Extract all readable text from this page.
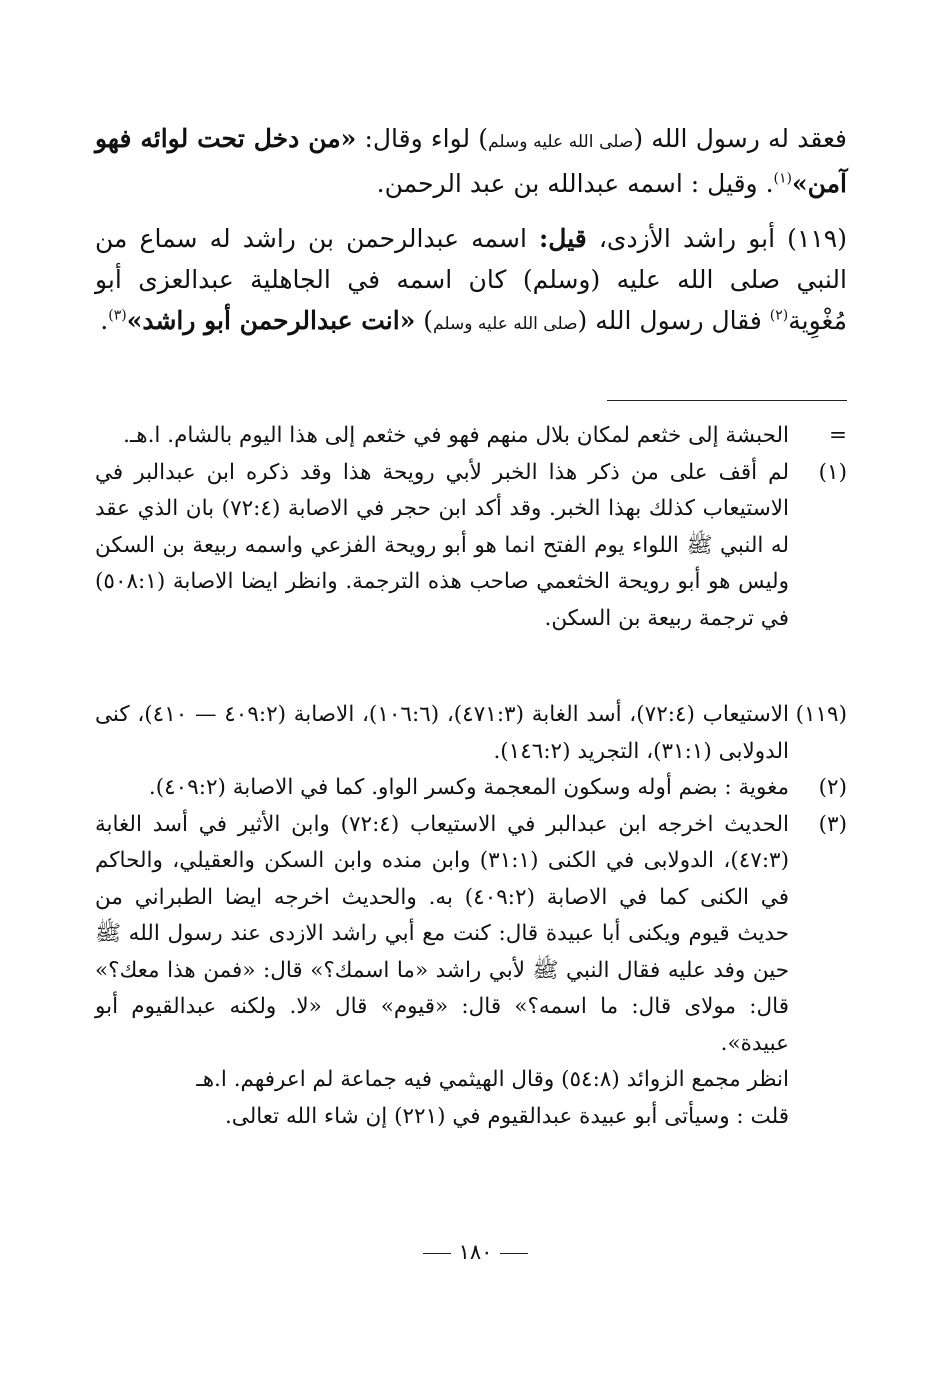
فعقد له رسول الله (صلى الله عليه وسلم) لواء وقال: «من دخل تحت لوائه فهو آمن»$^{(١)}$. وقيل : اسمه عبدالله بن عبد الرحمن.

(١١٩) أبو راشد الأزدى، قيل: اسمه عبدالرحمن بن راشد له سماع من النبي صلى الله عليه (وسلم) كان اسمه في الجاهلية عبدالعزى أبو مُغْوِية$^{(٢)}$ فقال رسول الله (صلى الله عليه وسلم) «انت عبدالرحمن أبو راشد»$^{(٣)}$.

=
الحبشة إلى خثعم لمكان بلال منهم فهو في خثعم إلى هذا اليوم بالشام. ا.هـ.
(١)
لم أقف على من ذكر هذا الخبر لأبي رويحة هذا وقد ذكره ابن عبدالبر في الاستيعاب كذلك بهذا الخبر. وقد أكد ابن حجر في الاصابة (٧٢:٤) بان الذي عقد له النبي ﷺ اللواء يوم الفتح انما هو أبو رويحة الفزعي واسمه ربيعة بن السكن وليس هو أبو رويحة الخثعمي صاحب هذه الترجمة. وانظر ايضا الاصابة (٥٠٨:١) في ترجمة ربيعة بن السكن.
(١١٩)
الاستيعاب (٧٢:٤)، أسد الغابة (٤٧١:٣)، (١٠٦:٦)، الاصابة (٤٠٩:٢ — ٤١٠)، كنى الدولابى (٣١:١)، التجريد (١٤٦:٢).
(٢)
مغوية : بضم أوله وسكون المعجمة وكسر الواو. كما في الاصابة (٤٠٩:٢).
(٣)
الحديث اخرجه ابن عبدالبر في الاستيعاب (٧٢:٤) وابن الأثير في أسد الغابة (٤٧:٣)، الدولابى في الكنى (٣١:١) وابن منده وابن السكن والعقيلي، والحاكم في الكنى كما في الاصابة (٤٠٩:٢) به. والحديث اخرجه ايضا الطبراني من حديث قيوم ويكنى أبا عبيدة قال: كنت مع أبي راشد الازدى عند رسول الله ﷺ حين وفد عليه فقال النبي ﷺ لأبي راشد «ما اسمك؟» قال: «فمن هذا معك؟» قال: مولاى قال: ما اسمه؟» قال: «قيوم» قال «لا. ولكنه عبدالقيوم أبو عبيدة».
انظر مجمع الزوائد (٥٤:٨) وقال الهيثمي فيه جماعة لم اعرفهم. ا.هـ
قلت : وسيأتى أبو عبيدة عبدالقيوم في (٢٢١) إن شاء الله تعالى.
١٨٠
